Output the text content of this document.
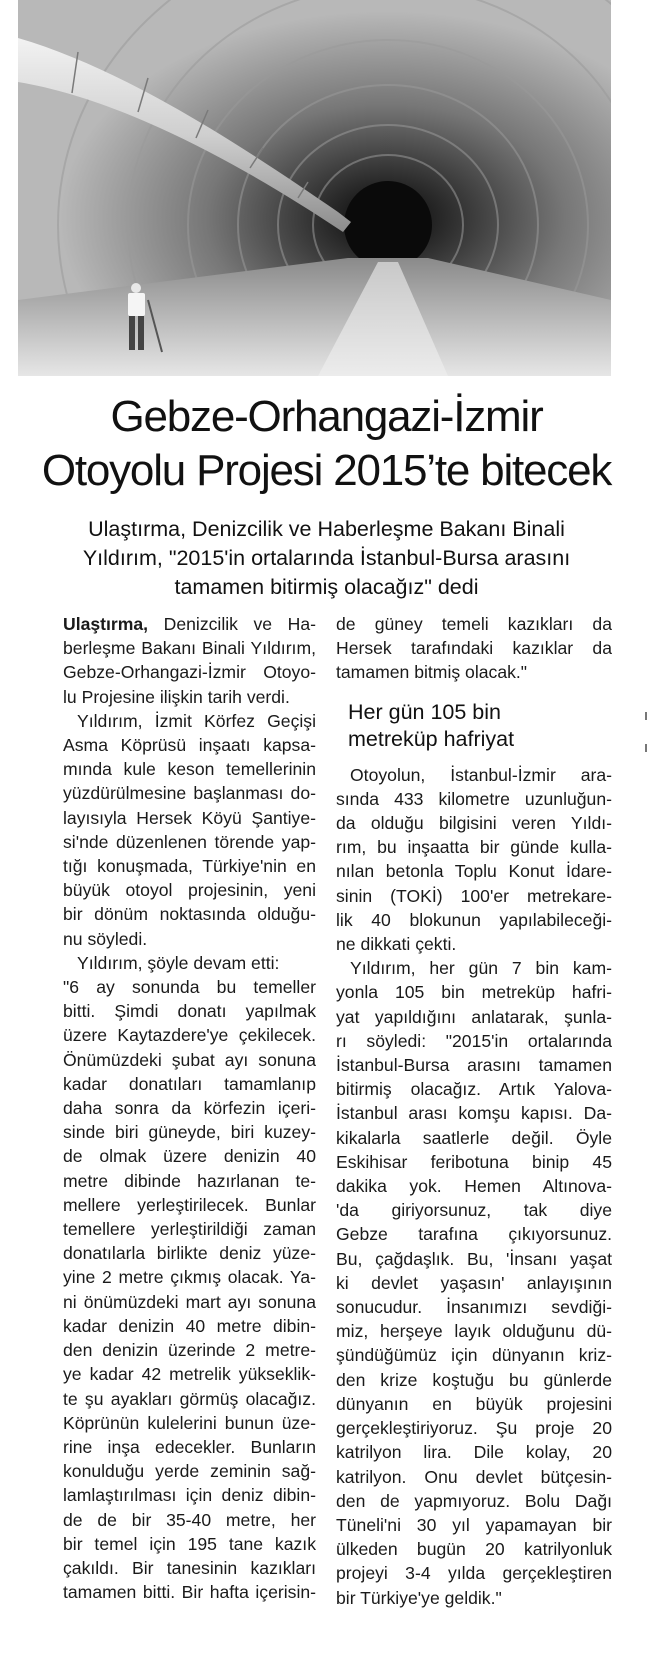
Gebze-Orhangazi-İzmir
Otoyolu Projesi 2015’te bitecek
Ulaştırma, Denizcilik ve Haberleşme Bakanı Binali
Yıldırım, "2015'in ortalarında İstanbul-Bursa arasını
tamamen bitirmiş olacağız" dedi
Ulaştırma, Denizcilik ve Ha-
berleşme Bakanı Binali Yıldırım,
Gebze-Orhangazi-İzmir Otoyo-
lu Projesine ilişkin tarih verdi.
Yıldırım, İzmit Körfez Geçişi
Asma Köprüsü inşaatı kapsa-
mında kule keson temellerinin
yüzdürülmesine başlanması do-
layısıyla Hersek Köyü Şantiye-
si'nde düzenlenen törende yap-
tığı konuşmada, Türkiye'nin en
büyük otoyol projesinin, yeni
bir dönüm noktasında olduğu-
nu söyledi.
Yıldırım, şöyle devam etti:
"6 ay sonunda bu temeller
bitti. Şimdi donatı yapılmak
üzere Kaytazdere'ye çekilecek.
Önümüzdeki şubat ayı sonuna
kadar donatıları tamamlanıp
daha sonra da körfezin içeri-
sinde biri güneyde, biri kuzey-
de olmak üzere denizin 40
metre dibinde hazırlanan te-
mellere yerleştirilecek. Bunlar
temellere yerleştirildiği zaman
donatılarla birlikte deniz yüze-
yine 2 metre çıkmış olacak. Ya-
ni önümüzdeki mart ayı sonuna
kadar denizin 40 metre dibin-
den denizin üzerinde 2 metre-
ye kadar 42 metrelik yükseklik-
te şu ayakları görmüş olacağız.
Köprünün kulelerini bunun üze-
rine inşa edecekler. Bunların
konulduğu yerde zeminin sağ-
lamlaştırılması için deniz dibin-
de de bir 35-40 metre, her
bir temel için 195 tane kazık
çakıldı. Bir tanesinin kazıkları
tamamen bitti. Bir hafta içerisin-
de güney temeli kazıkları da
Hersek tarafındaki kazıklar da
tamamen bitmiş olacak."
Her gün 105 bin
metreküp hafriyat
Otoyolun, İstanbul-İzmir ara-
sında 433 kilometre uzunluğun-
da olduğu bilgisini veren Yıldı-
rım, bu inşaatta bir günde kulla-
nılan betonla Toplu Konut İdare-
sinin (TOKİ) 100'er metrekare-
lik 40 blokunun yapılabileceği-
ne dikkati çekti.
Yıldırım, her gün 7 bin kam-
yonla 105 bin metreküp hafri-
yat yapıldığını anlatarak, şunla-
rı söyledi: "2015'in ortalarında
İstanbul-Bursa arasını tamamen
bitirmiş olacağız. Artık Yalova-
İstanbul arası komşu kapısı. Da-
kikalarla saatlerle değil. Öyle
Eskihisar feribotuna binip 45
dakika yok. Hemen Altınova-
'da giriyorsunuz, tak diye
Gebze tarafına çıkıyorsunuz.
Bu, çağdaşlık. Bu, 'İnsanı yaşat
ki devlet yaşasın' anlayışının
sonucudur. İnsanımızı sevdiği-
miz, herşeye layık olduğunu dü-
şündüğümüz için dünyanın kriz-
den krize koştuğu bu günlerde
dünyanın en büyük projesini
gerçekleştiriyoruz. Şu proje 20
katrilyon lira. Dile kolay, 20
katrilyon. Onu devlet bütçesin-
den de yapmıyoruz. Bolu Dağı
Tüneli'ni 30 yıl yapamayan bir
ülkeden bugün 20 katrilyonluk
projeyi 3-4 yılda gerçekleştiren
bir Türkiye'ye geldik."
